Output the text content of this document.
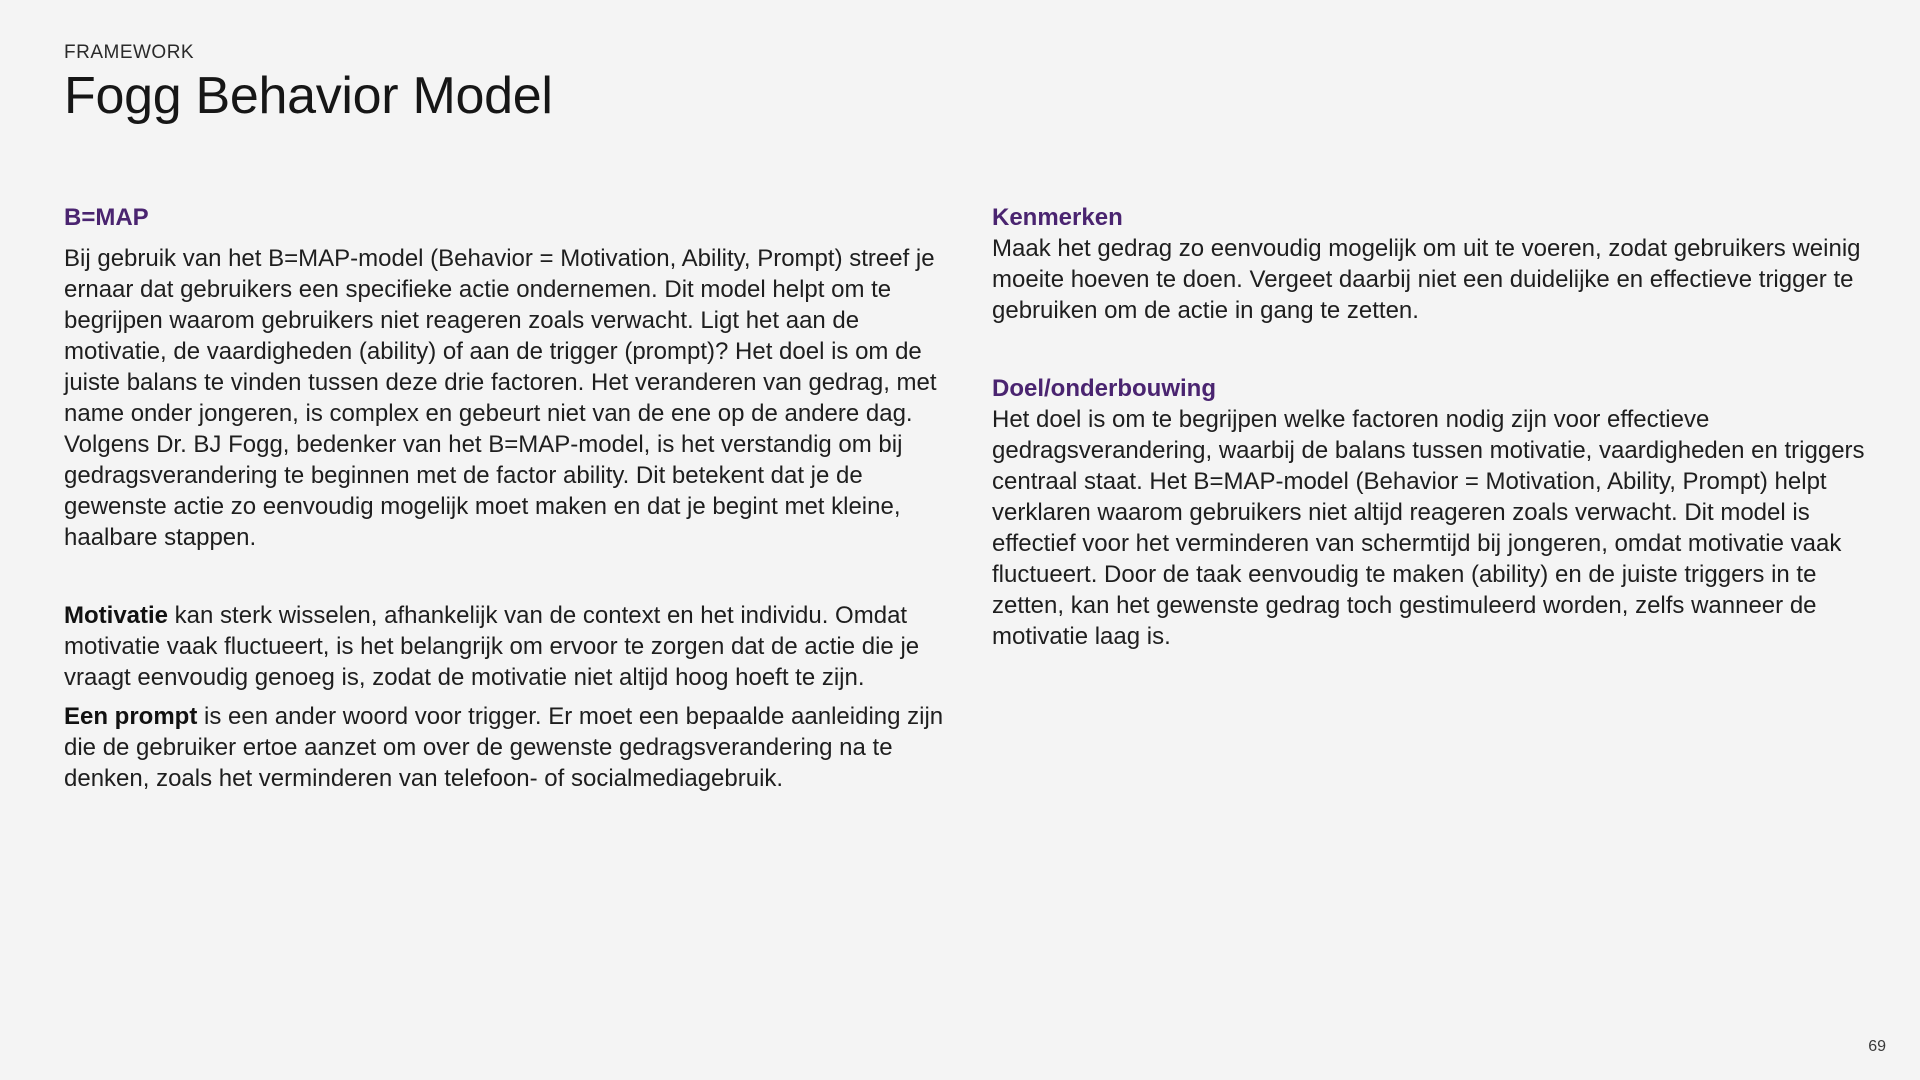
FRAMEWORK
Fogg Behavior Model
B=MAP

Bij gebruik van het B=MAP-model (Behavior = Motivation, Ability, Prompt) streef je ernaar dat gebruikers een specifieke actie ondernemen. Dit model helpt om te begrijpen waarom gebruikers niet reageren zoals verwacht. Ligt het aan de motivatie, de vaardigheden (ability) of aan de trigger (prompt)? Het doel is om de juiste balans te vinden tussen deze drie factoren. Het veranderen van gedrag, met name onder jongeren, is complex en gebeurt niet van de ene op de andere dag. Volgens Dr. BJ Fogg, bedenker van het B=MAP-model, is het verstandig om bij gedragsverandering te beginnen met de factor ability. Dit betekent dat je de gewenste actie zo eenvoudig mogelijk moet maken en dat je begint met kleine, haalbare stappen.

Motivatie kan sterk wisselen, afhankelijk van de context en het individu. Omdat motivatie vaak fluctueert, is het belangrijk om ervoor te zorgen dat de actie die je vraagt eenvoudig genoeg is, zodat de motivatie niet altijd hoog hoeft te zijn.

Een prompt is een ander woord voor trigger. Er moet een bepaalde aanleiding zijn die de gebruiker ertoe aanzet om over de gewenste gedragsverandering na te denken, zoals het verminderen van telefoon- of socialmediagebruik.

Kenmerken

Maak het gedrag zo eenvoudig mogelijk om uit te voeren, zodat gebruikers weinig moeite hoeven te doen. Vergeet daarbij niet een duidelijke en effectieve trigger te gebruiken om de actie in gang te zetten.

Doel/onderbouwing

Het doel is om te begrijpen welke factoren nodig zijn voor effectieve gedragsverandering, waarbij de balans tussen motivatie, vaardigheden en triggers centraal staat. Het B=MAP-model (Behavior = Motivation, Ability, Prompt) helpt verklaren waarom gebruikers niet altijd reageren zoals verwacht. Dit model is effectief voor het verminderen van schermtijd bij jongeren, omdat motivatie vaak fluctueert. Door de taak eenvoudig te maken (ability) en de juiste triggers in te zetten, kan het gewenste gedrag toch gestimuleerd worden, zelfs wanneer de motivatie laag is.

69
